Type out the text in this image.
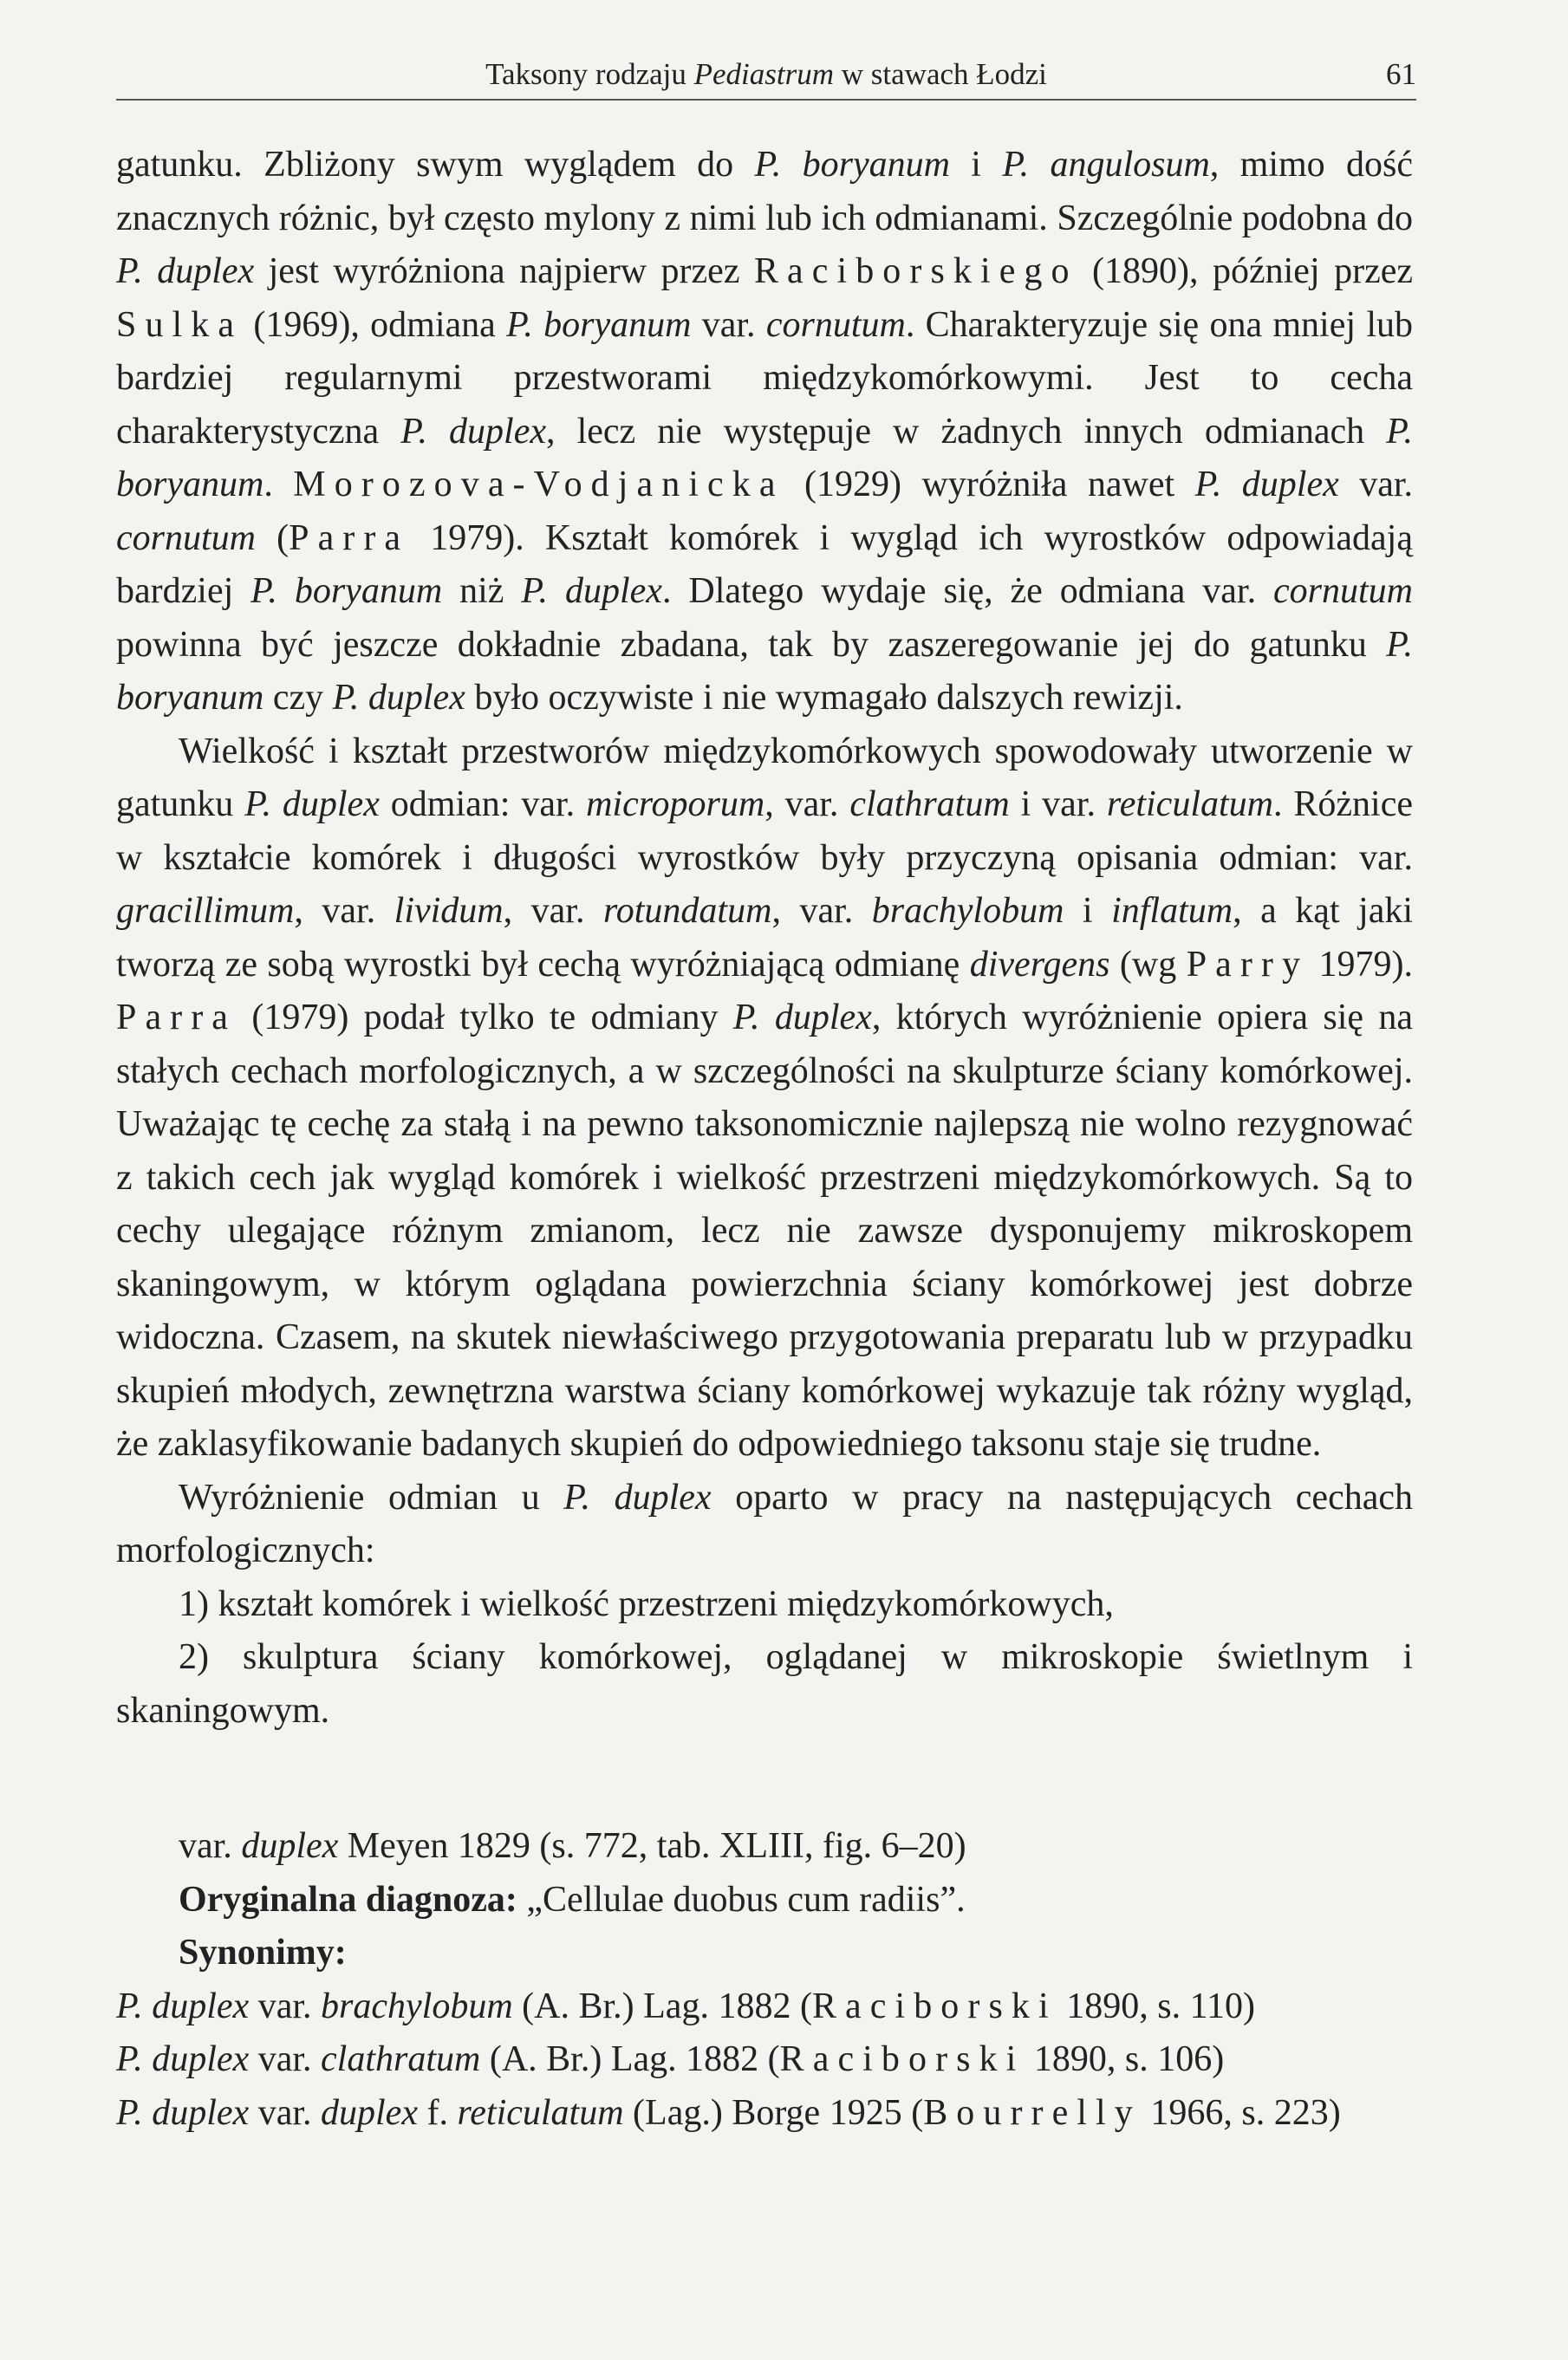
Taksony rodzaju Pediastrum w stawach Łodzi	61

gatunku. Zbliżony swym wyglądem do P. boryanum i P. angulosum, mimo dość znacznych różnic, był często mylony z nimi lub ich odmianami. Szczególnie podobna do P. duplex jest wyróżniona najpierw przez Raciborskiego (1890), później przez Sulka (1969), odmiana P. boryanum var. cornutum. Charakteryzuje się ona mniej lub bardziej regularnymi przestworami międzykomórkowymi. Jest to cecha charakterystyczna P. duplex, lecz nie występuje w żadnych innych odmianach P. boryanum. Morozova-Vodjanicka (1929) wyróżniła nawet P. duplex var. cornutum (Parra 1979). Kształt komórek i wygląd ich wyrostków odpowiadają bardziej P. boryanum niż P. duplex. Dlatego wydaje się, że odmiana var. cornutum powinna być jeszcze dokładnie zbadana, tak by zaszeregowanie jej do gatunku P. boryanum czy P. duplex było oczywiste i nie wymagało dalszych rewizji.

Wielkość i kształt przestworów międzykomórkowych spowodowały utworzenie w gatunku P. duplex odmian: var. microporum, var. clathratum i var. reticulatum. Różnice w kształcie komórek i długości wyrostków były przyczyną opisania odmian: var. gracillimum, var. lividum, var. rotundatum, var. brachylobum i inflatum, a kąt jaki tworzą ze sobą wyrostki był cechą wyróżniającą odmianę divergens (wg Parry 1979). Parra (1979) podał tylko te odmiany P. duplex, których wyróżnienie opiera się na stałych cechach morfologicznych, a w szczególności na skulpturze ściany komórkowej. Uważając tę cechę za stałą i na pewno taksonomicznie najlepszą nie wolno rezygnować z takich cech jak wygląd komórek i wielkość przestrzeni międzykomórkowych. Są to cechy ulegające różnym zmianom, lecz nie zawsze dysponujemy mikroskopem skaningowym, w którym oglądana powierzchnia ściany komórkowej jest dobrze widoczna. Czasem, na skutek niewłaściwego przygotowania preparatu lub w przypadku skupień młodych, zewnętrzna warstwa ściany komórkowej wykazuje tak różny wygląd, że zaklasyfikowanie badanych skupień do odpowiedniego taksonu staje się trudne.

Wyróżnienie odmian u P. duplex oparto w pracy na następujących cechach morfologicznych:

1) kształt komórek i wielkość przestrzeni międzykomórkowych,

2) skulptura ściany komórkowej, oglądanej w mikroskopie świetlnym i skaningowym.

var. duplex Meyen 1829 (s. 772, tab. XLIII, fig. 6–20)

Oryginalna diagnoza: „Cellulae duobus cum radiis”.

Synonimy:

P. duplex var. brachylobum (A. Br.) Lag. 1882 (Raciborski 1890, s. 110)

P. duplex var. clathratum (A. Br.) Lag. 1882 (Raciborski 1890, s. 106)

P. duplex var. duplex f. reticulatum (Lag.) Borge 1925 (Bourrelly 1966, s. 223)
